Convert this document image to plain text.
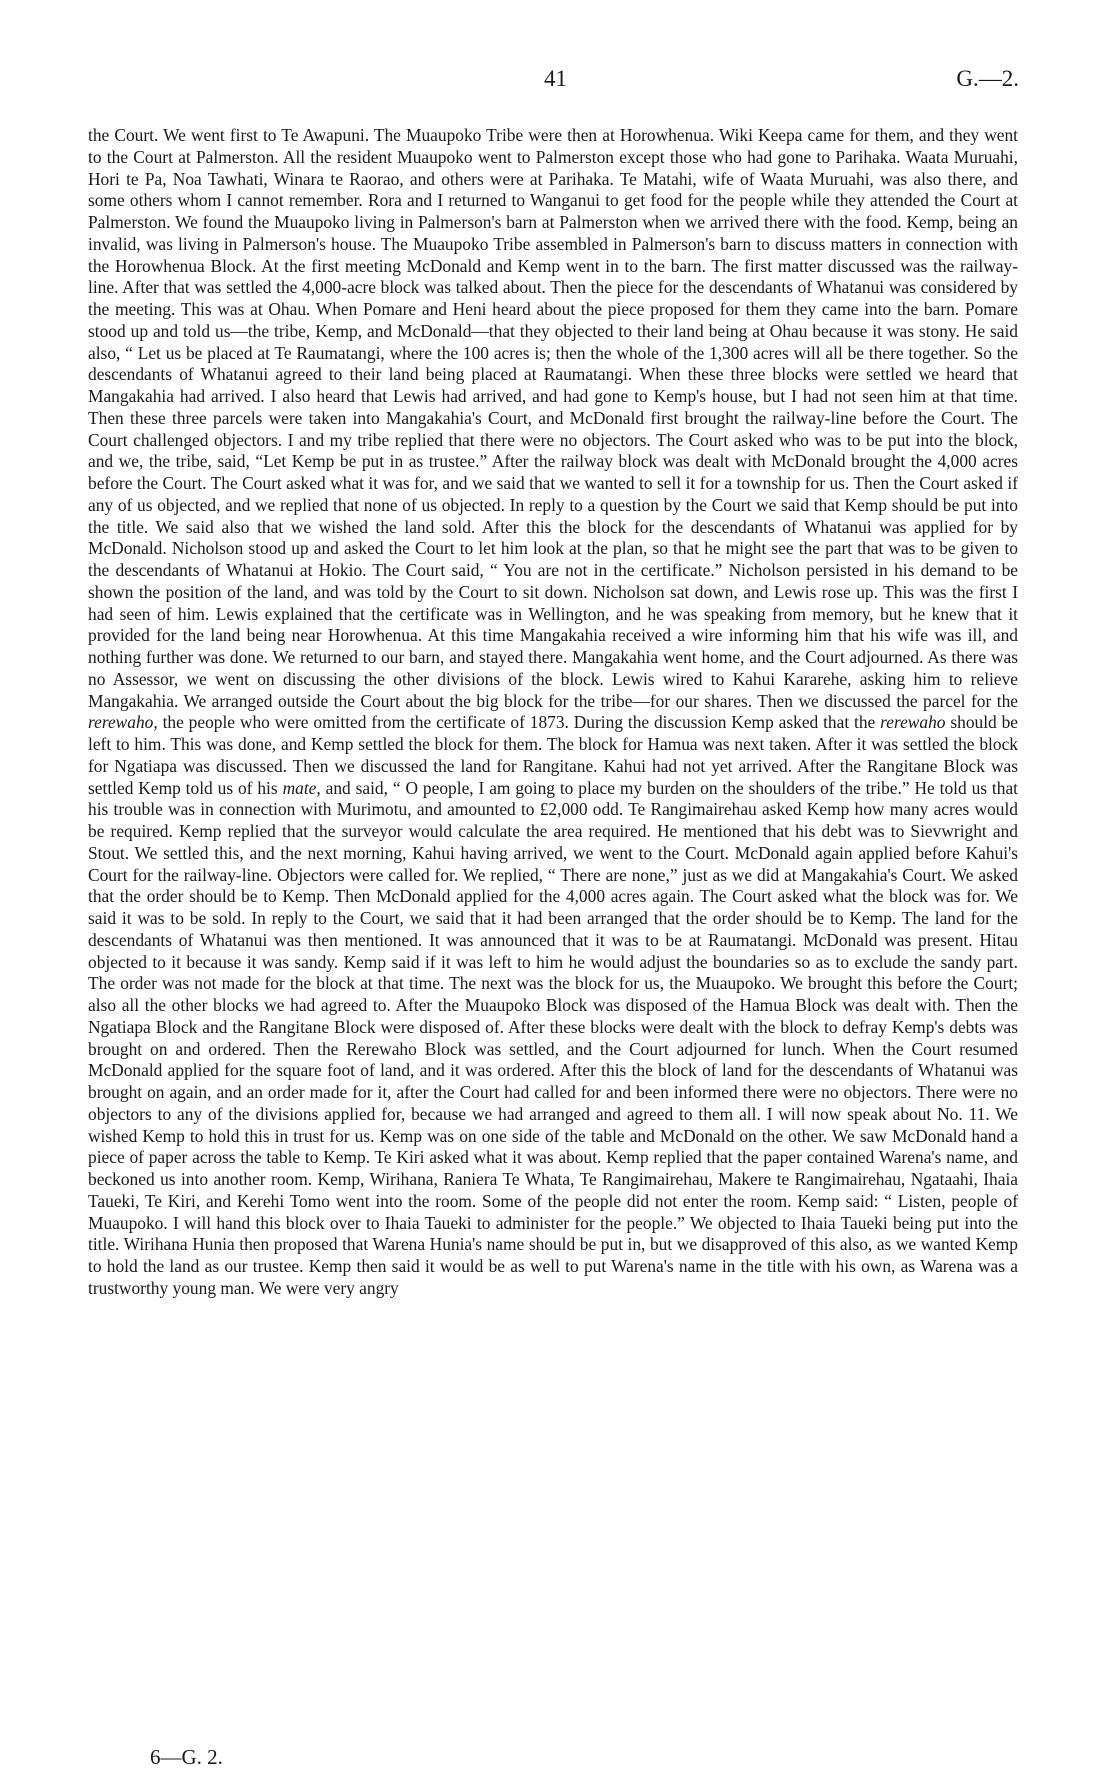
41	G.—2.
the Court. We went first to Te Awapuni. The Muaupoko Tribe were then at Horowhenua. Wiki Keepa came for them, and they went to the Court at Palmerston. All the resident Muaupoko went to Palmerston except those who had gone to Parihaka. Waata Muruahi, Hori te Pa, Noa Tawhati, Winara te Raorao, and others were at Parihaka. Te Matahi, wife of Waata Muruahi, was also there, and some others whom I cannot remember. Rora and I returned to Wanganui to get food for the people while they attended the Court at Palmerston. We found the Muaupoko living in Palmerson's barn at Palmerston when we arrived there with the food. Kemp, being an invalid, was living in Palmerson's house. The Muaupoko Tribe assembled in Palmerson's barn to discuss matters in connection with the Horowhenua Block. At the first meeting McDonald and Kemp went in to the barn. The first matter discussed was the railway-line. After that was settled the 4,000-acre block was talked about. Then the piece for the descendants of Whatanui was considered by the meeting. This was at Ohau. When Pomare and Heni heard about the piece proposed for them they came into the barn. Pomare stood up and told us—the tribe, Kemp, and McDonald—that they objected to their land being at Ohau because it was stony. He said also, “ Let us be placed at Te Raumatangi, where the 100 acres is; then the whole of the 1,300 acres will all be there together. So the descendants of Whatanui agreed to their land being placed at Raumatangi. When these three blocks were settled we heard that Mangakahia had arrived. I also heard that Lewis had arrived, and had gone to Kemp's house, but I had not seen him at that time. Then these three parcels were taken into Mangakahia's Court, and McDonald first brought the railway-line before the Court. The Court challenged objectors. I and my tribe replied that there were no objectors. The Court asked who was to be put into the block, and we, the tribe, said, “Let Kemp be put in as trustee.” After the railway block was dealt with McDonald brought the 4,000 acres before the Court. The Court asked what it was for, and we said that we wanted to sell it for a township for us. Then the Court asked if any of us objected, and we replied that none of us objected. In reply to a question by the Court we said that Kemp should be put into the title. We said also that we wished the land sold. After this the block for the descendants of Whatanui was applied for by McDonald. Nicholson stood up and asked the Court to let him look at the plan, so that he might see the part that was to be given to the descendants of Whatanui at Hokio. The Court said, “ You are not in the certificate.” Nicholson persisted in his demand to be shown the position of the land, and was told by the Court to sit down. Nicholson sat down, and Lewis rose up. This was the first I had seen of him. Lewis explained that the certificate was in Wellington, and he was speaking from memory, but he knew that it provided for the land being near Horowhenua. At this time Mangakahia received a wire informing him that his wife was ill, and nothing further was done. We returned to our barn, and stayed there. Mangakahia went home, and the Court adjourned. As there was no Assessor, we went on discussing the other divisions of the block. Lewis wired to Kahui Kararehe, asking him to relieve Mangakahia. We arranged outside the Court about the big block for the tribe—for our shares. Then we discussed the parcel for the rerewaho, the people who were omitted from the certificate of 1873. During the discussion Kemp asked that the rerewaho should be left to him. This was done, and Kemp settled the block for them. The block for Hamua was next taken. After it was settled the block for Ngatiapa was discussed. Then we discussed the land for Rangitane. Kahui had not yet arrived. After the Rangitane Block was settled Kemp told us of his mate, and said, “ O people, I am going to place my burden on the shoulders of the tribe.” He told us that his trouble was in connection with Murimotu, and amounted to £2,000 odd. Te Rangimairehau asked Kemp how many acres would be required. Kemp replied that the surveyor would calculate the area required. He mentioned that his debt was to Sievwright and Stout. We settled this, and the next morning, Kahui having arrived, we went to the Court. McDonald again applied before Kahui's Court for the railway-line. Objectors were called for. We replied, “ There are none,” just as we did at Mangakahia's Court. We asked that the order should be to Kemp. Then McDonald applied for the 4,000 acres again. The Court asked what the block was for. We said it was to be sold. In reply to the Court, we said that it had been arranged that the order should be to Kemp. The land for the descendants of Whatanui was then mentioned. It was announced that it was to be at Raumatangi. McDonald was present. Hitau objected to it because it was sandy. Kemp said if it was left to him he would adjust the boundaries so as to exclude the sandy part. The order was not made for the block at that time. The next was the block for us, the Muaupoko. We brought this before the Court; also all the other blocks we had agreed to. After the Muaupoko Block was disposed of the Hamua Block was dealt with. Then the Ngatiapa Block and the Rangitane Block were disposed of. After these blocks were dealt with the block to defray Kemp's debts was brought on and ordered. Then the Rerewaho Block was settled, and the Court adjourned for lunch. When the Court resumed McDonald applied for the square foot of land, and it was ordered. After this the block of land for the descendants of Whatanui was brought on again, and an order made for it, after the Court had called for and been informed there were no objectors. There were no objectors to any of the divisions applied for, because we had arranged and agreed to them all. I will now speak about No. 11. We wished Kemp to hold this in trust for us. Kemp was on one side of the table and McDonald on the other. We saw McDonald hand a piece of paper across the table to Kemp. Te Kiri asked what it was about. Kemp replied that the paper contained Warena's name, and beckoned us into another room. Kemp, Wirihana, Raniera Te Whata, Te Rangimairehau, Makere te Rangimairehau, Ngataahi, Ihaia Taueki, Te Kiri, and Kerehi Tomo went into the room. Some of the people did not enter the room. Kemp said: “ Listen, people of Muaupoko. I will hand this block over to Ihaia Taueki to administer for the people.” We objected to Ihaia Taueki being put into the title. Wirihana Hunia then proposed that Warena Hunia's name should be put in, but we disapproved of this also, as we wanted Kemp to hold the land as our trustee. Kemp then said it would be as well to put Warena's name in the title with his own, as Warena was a trustworthy young man. We were very angry
6—G. 2.
